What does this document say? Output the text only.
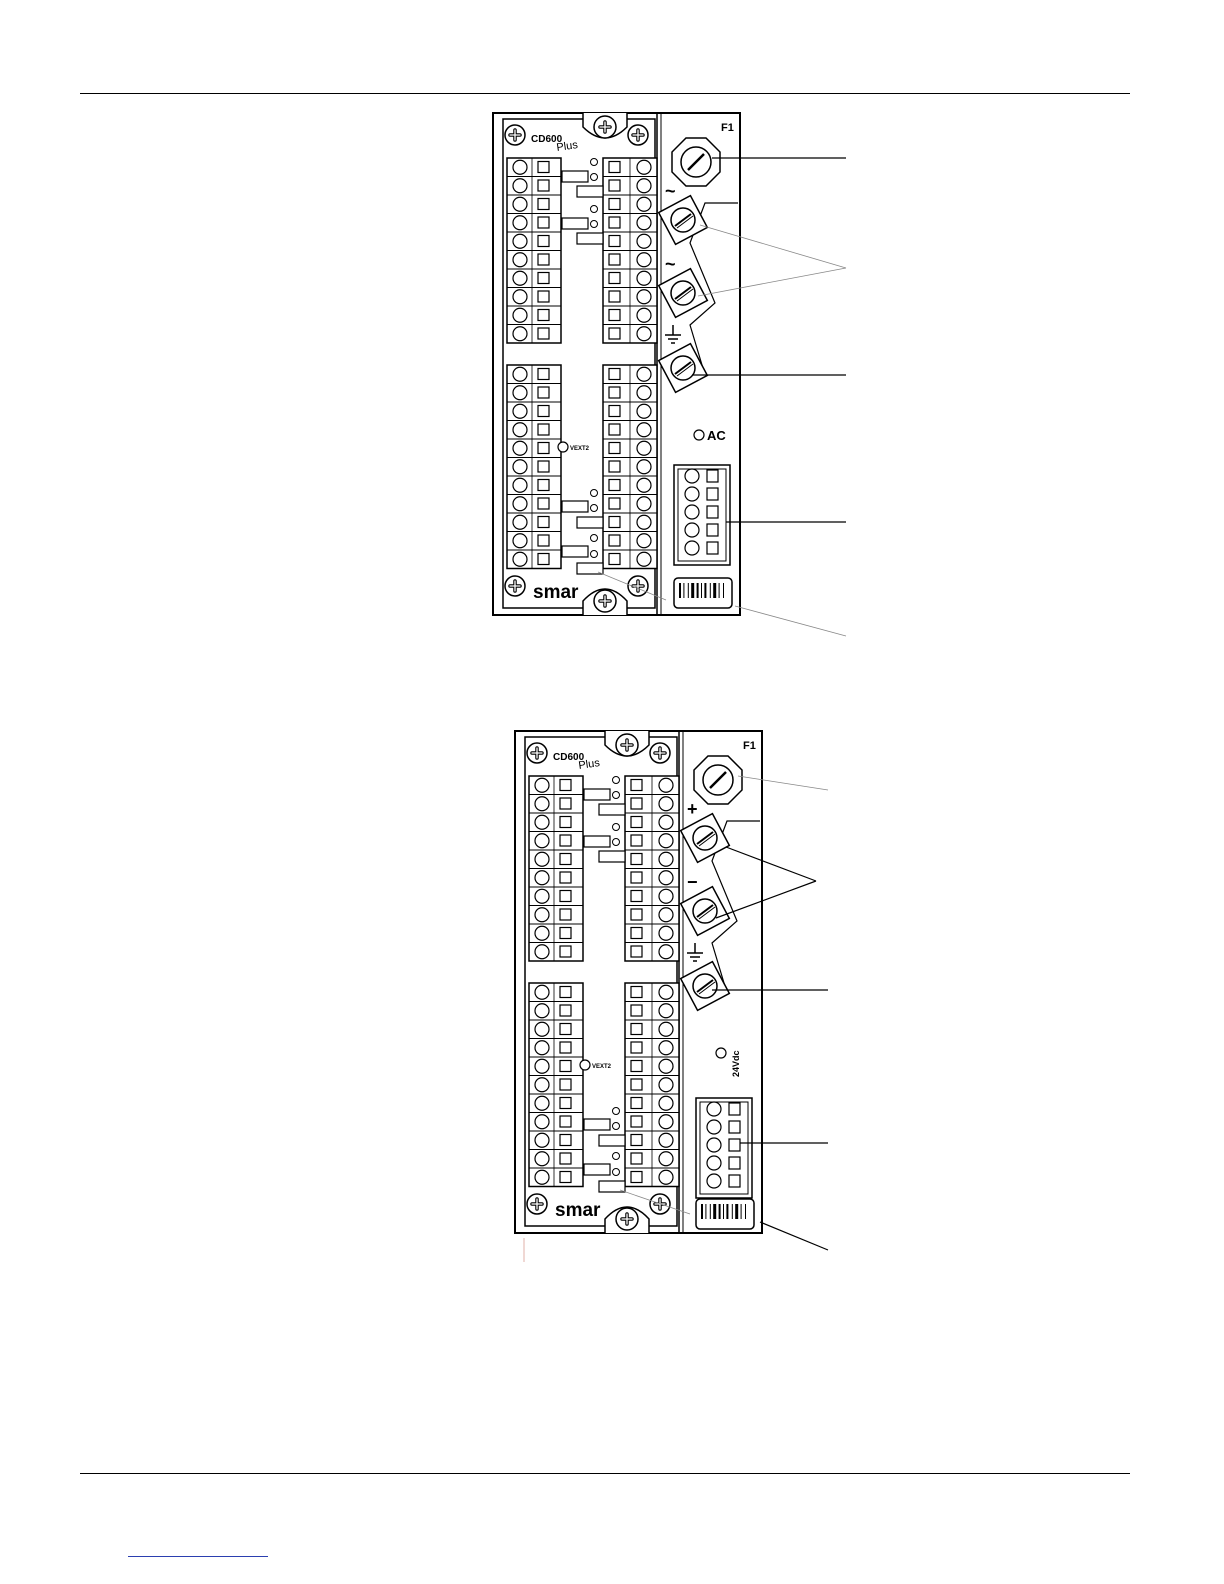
CD600
Plus
VEXT2
smar
F1
~
~
AC
CD600
Plus
VEXT2
smar
F1
+
−
24Vdc
